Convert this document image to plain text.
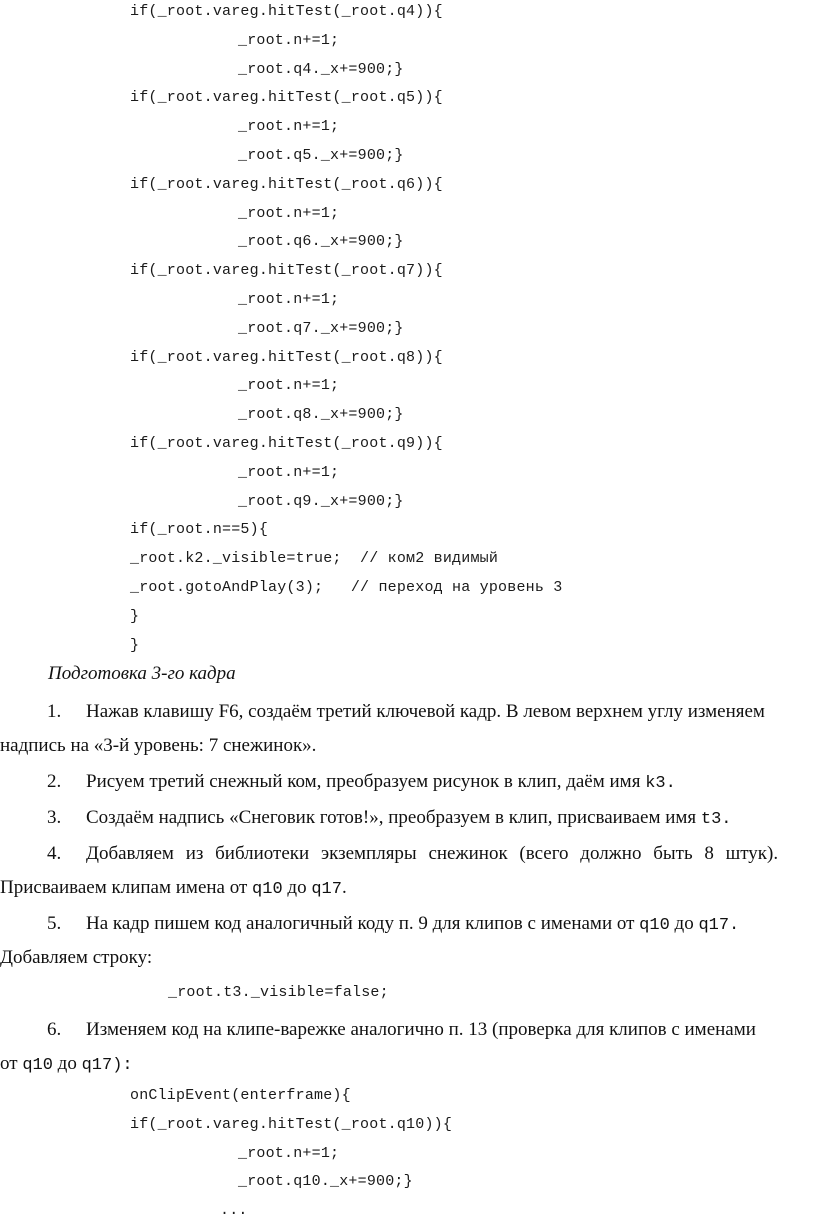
if(_root.vareg.hitTest(_root.q4)){
_root.n+=1;
_root.q4._x+=900;}
if(_root.vareg.hitTest(_root.q5)){
_root.n+=1;
_root.q5._x+=900;}
if(_root.vareg.hitTest(_root.q6)){
_root.n+=1;
_root.q6._x+=900;}
if(_root.vareg.hitTest(_root.q7)){
_root.n+=1;
_root.q7._x+=900;}
if(_root.vareg.hitTest(_root.q8)){
_root.n+=1;
_root.q8._x+=900;}
if(_root.vareg.hitTest(_root.q9)){
_root.n+=1;
_root.q9._x+=900;}
if(_root.n==5){
_root.k2._visible=true;  // ком2 видимый
_root.gotoAndPlay(3);   // переход на уровень 3
}
}
Подготовка 3-го кадра
1. Нажав клавишу F6, создаём третий ключевой кадр. В левом верхнем углу изменяем
надпись на «3-й уровень: 7 снежинок».
2. Рисуем третий снежный ком, преобразуем рисунок в клип, даём имя k3.
3. Создаём надпись «Снеговик готов!», преобразуем в клип, присваиваем имя t3.
4. Добавляем из библиотеки экземпляры снежинок (всего должно быть 8 штук).
Присваиваем клипам имена от q10 до q17.
5. На кадр пишем код аналогичный коду п. 9 для клипов с именами от q10 до q17.
Добавляем строку:
_root.t3._visible=false;
6. Изменяем код на клипе-варежке аналогично п. 13 (проверка для клипов с именами
от q10 до q17):
onClipEvent(enterframe){
if(_root.vareg.hitTest(_root.q10)){
_root.n+=1;
_root.q10._x+=900;}
...
